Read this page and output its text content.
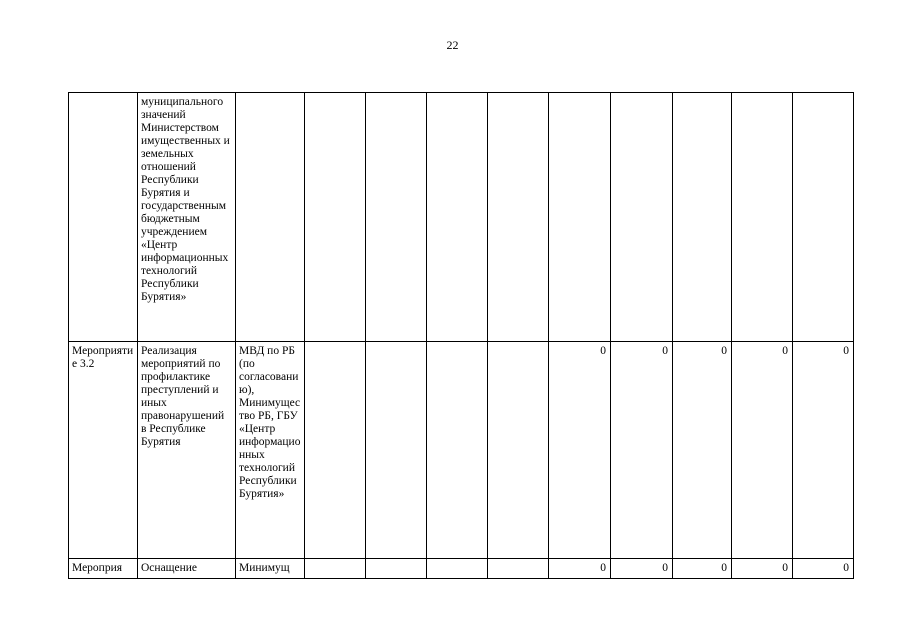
22
	муниципального значений Министерством имущественных и земельных отношений Республики Бурятия и государственным бюджетным учреждением «Центр информационных технологий Республики Бурятия»										
Мероприятие 3.2	Реализация мероприятий по профилактике преступлений и иных правонарушений в Республике Бурятия	МВД по РБ (по согласованию), Минимущество РБ, ГБУ «Центр информационных технологий Республики Бурятия»					0	0	0	0	0
Мероприя	Оснащение	Минимущ					0	0	0	0	0
